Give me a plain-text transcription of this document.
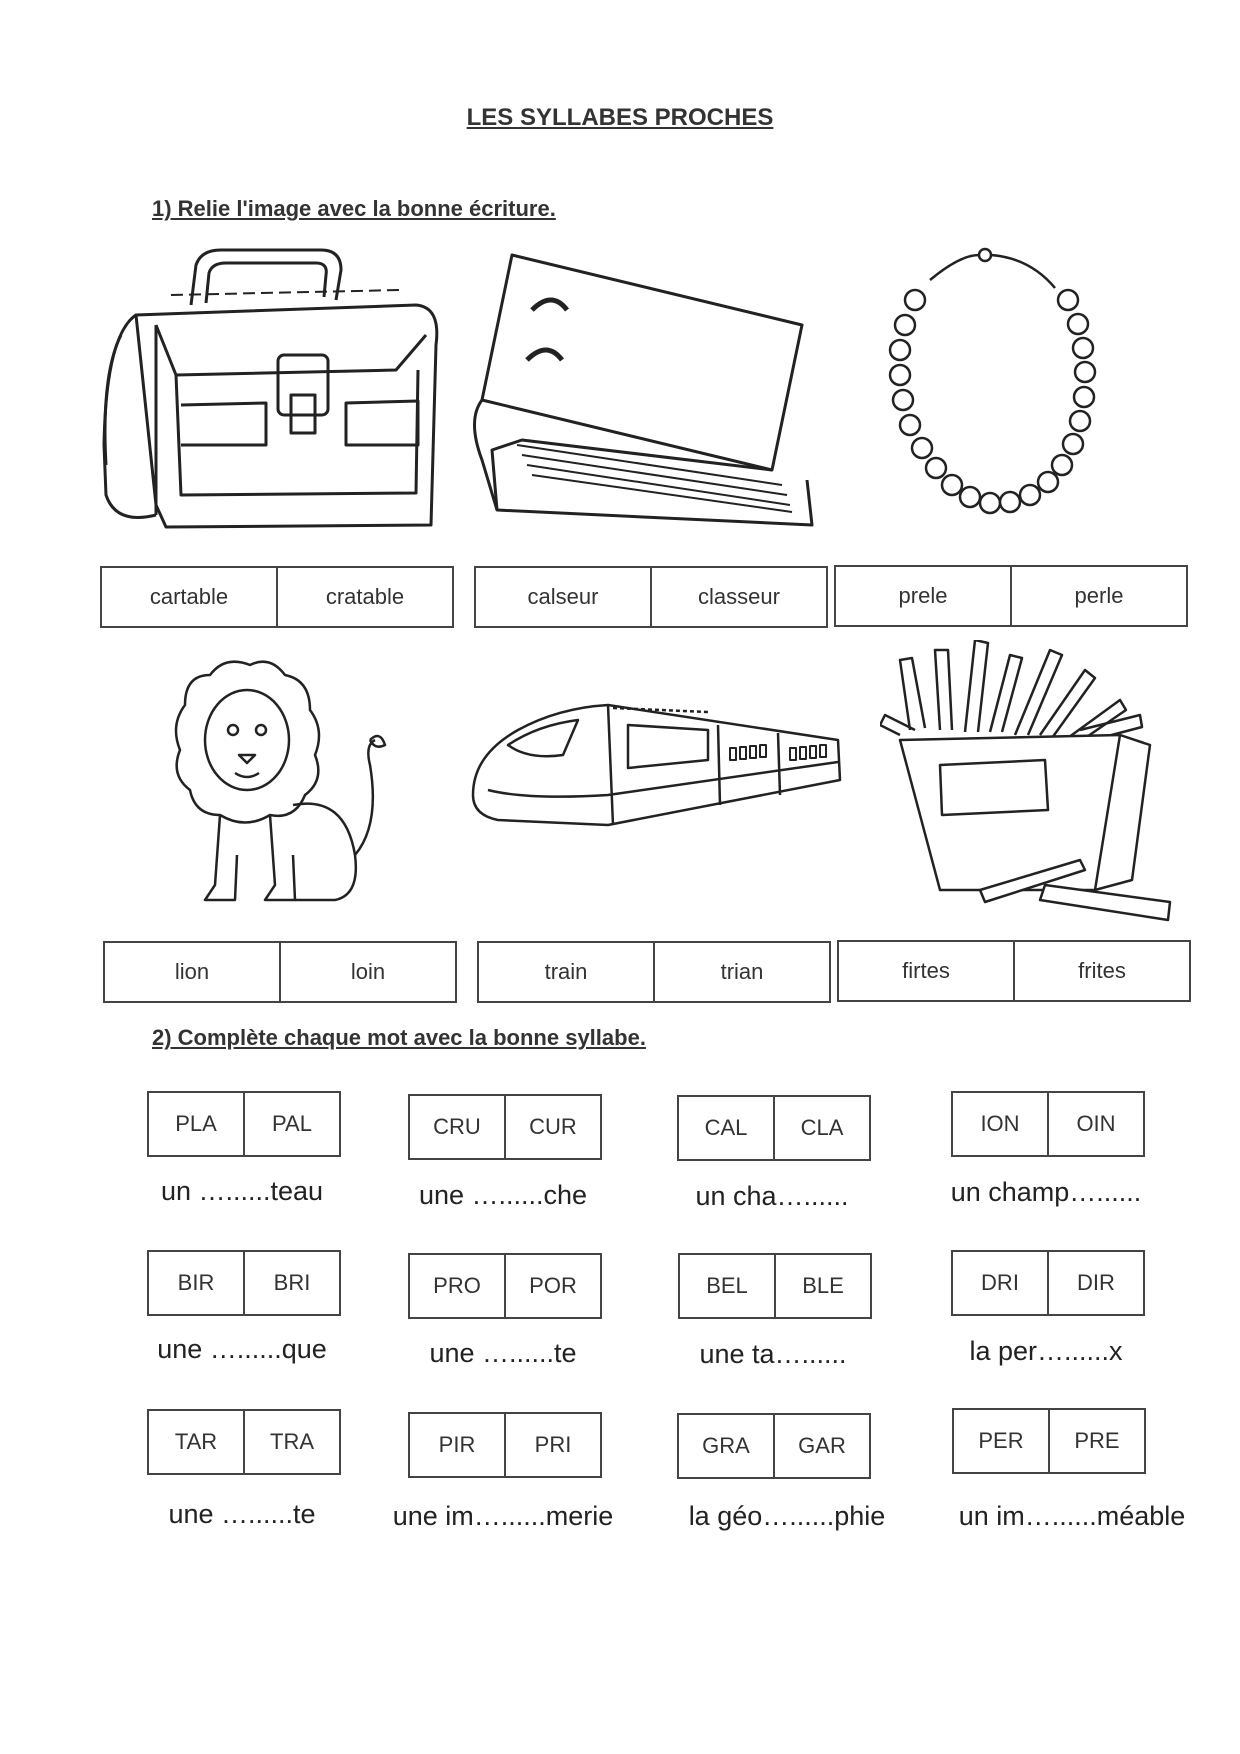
LES SYLLABES PROCHES
1) Relie l'image avec la bonne écriture.
cartable	cratable	calseur	classeur	prele	perle
lion	loin	train	trian	firtes	frites
2) Complète chaque mot avec la bonne syllabe.
PLA	PAL
un …......teau
CRU	CUR
une …......che
CAL	CLA
un cha…......
ION	OIN
un champ…......
BIR	BRI
une …......que
PRO	POR
une …......te
BEL	BLE
une ta…......
DRI	DIR
la per…......x
TAR	TRA
une …......te
PIR	PRI
une im…......merie
GRA	GAR
la géo…......phie
PER	PRE
un im…......méable
